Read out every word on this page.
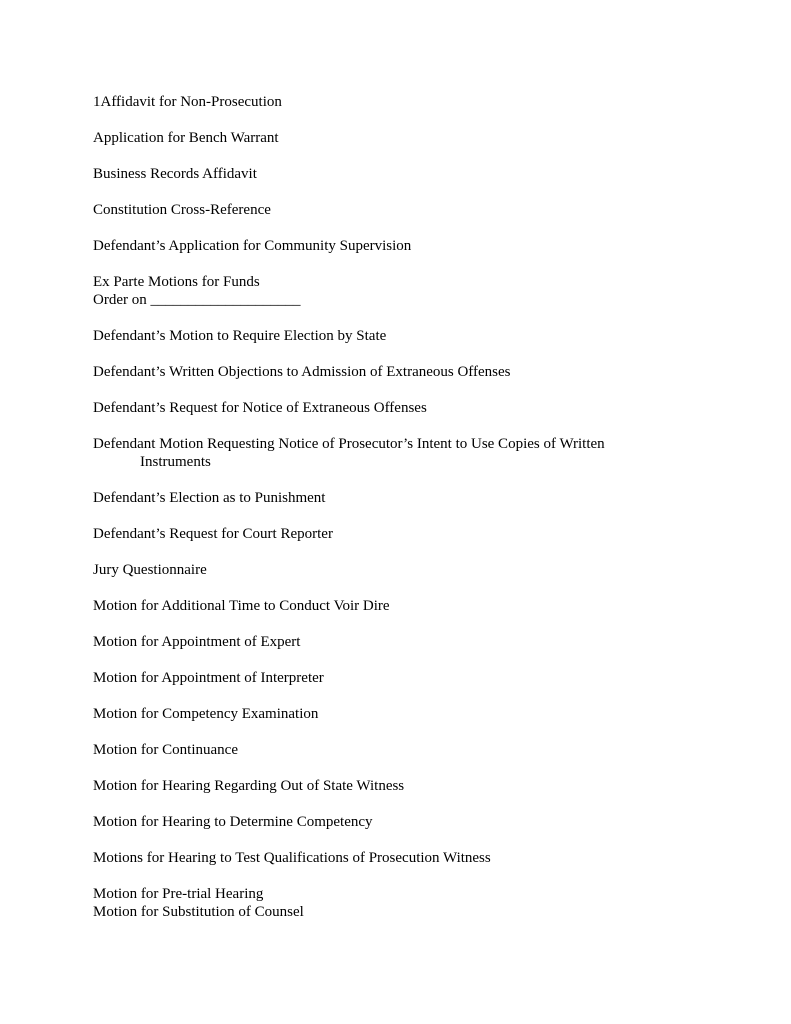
1Affidavit for Non-Prosecution
Application for Bench Warrant
Business Records Affidavit
Constitution Cross-Reference
Defendant’s Application for Community Supervision
Ex Parte Motions for Funds
Order on ____________________
Defendant’s Motion to Require Election by State
Defendant’s Written Objections to Admission of Extraneous Offenses
Defendant’s Request for Notice of Extraneous Offenses
Defendant Motion Requesting Notice of Prosecutor’s Intent to Use Copies of Written
Instruments
Defendant’s Election as to Punishment
Defendant’s Request for Court Reporter
Jury Questionnaire
Motion for Additional Time to Conduct Voir Dire
Motion for Appointment of Expert
Motion for Appointment of Interpreter
Motion for Competency Examination
Motion for Continuance
Motion for Hearing Regarding Out of State Witness
Motion for Hearing to Determine Competency
Motions for Hearing to Test Qualifications of Prosecution Witness
Motion for Pre-trial Hearing
Motion for Substitution of Counsel
